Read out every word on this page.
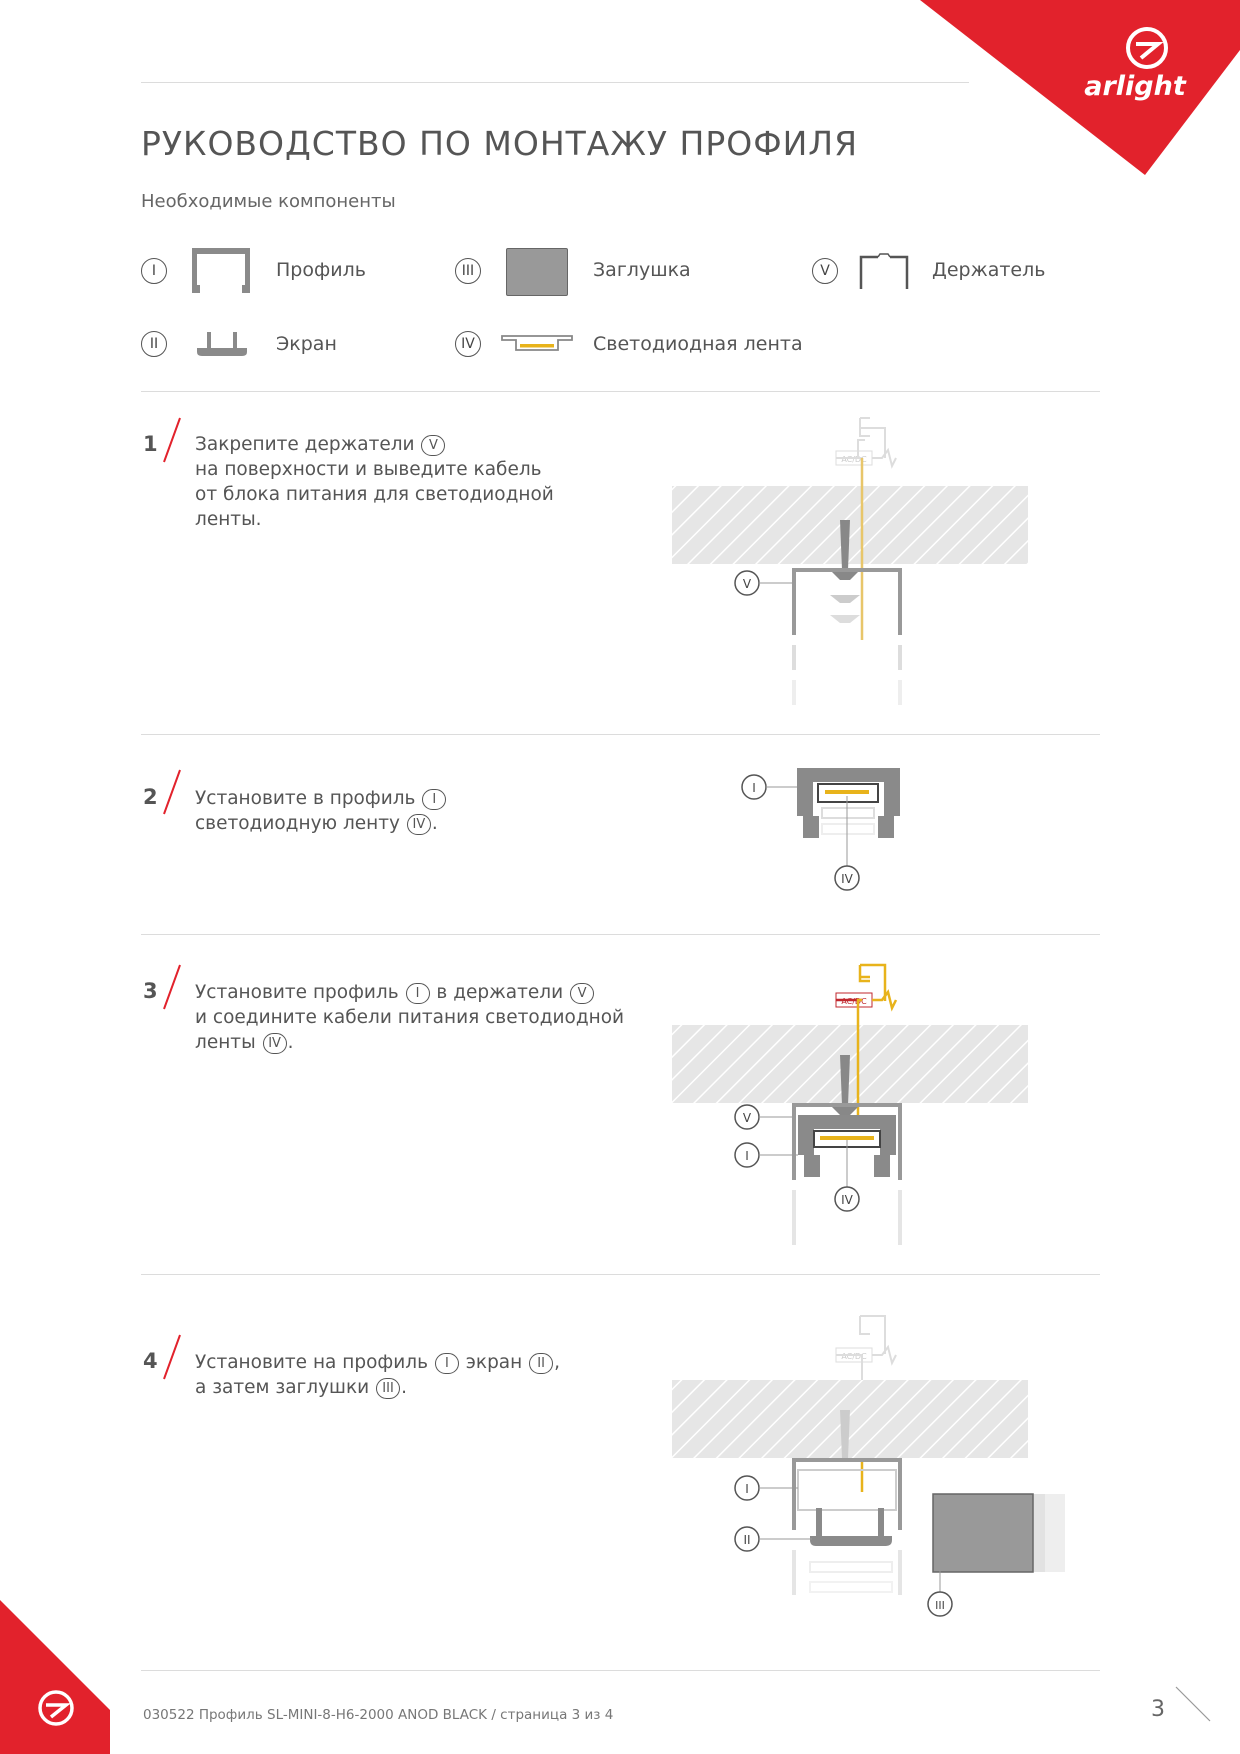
arlight
РУКОВОДСТВО ПО МОНТАЖУ ПРОФИЛЯ
Необходимые компоненты
I	Профиль
II	Экран
III	Заглушка
IV	Светодиодная лента
V	Держатель
1 Закрепите держатели V
на поверхности и выведите кабель
от блока питания для светодиодной
ленты.
AC/DC
V
2 Установите в профиль I
светодиодную ленту IV .
I
IV
3 Установите профиль I в держатели V
и соедините кабели питания светодиодной
ленты IV .
AC/DC
V
I
IV
4 Установите на профиль I экран II ,
а затем заглушки III .
AC/DC
I
II
III
030522 Профиль SL-MINI-8-H6-2000 ANOD BLACK / страница 3 из 4	3
